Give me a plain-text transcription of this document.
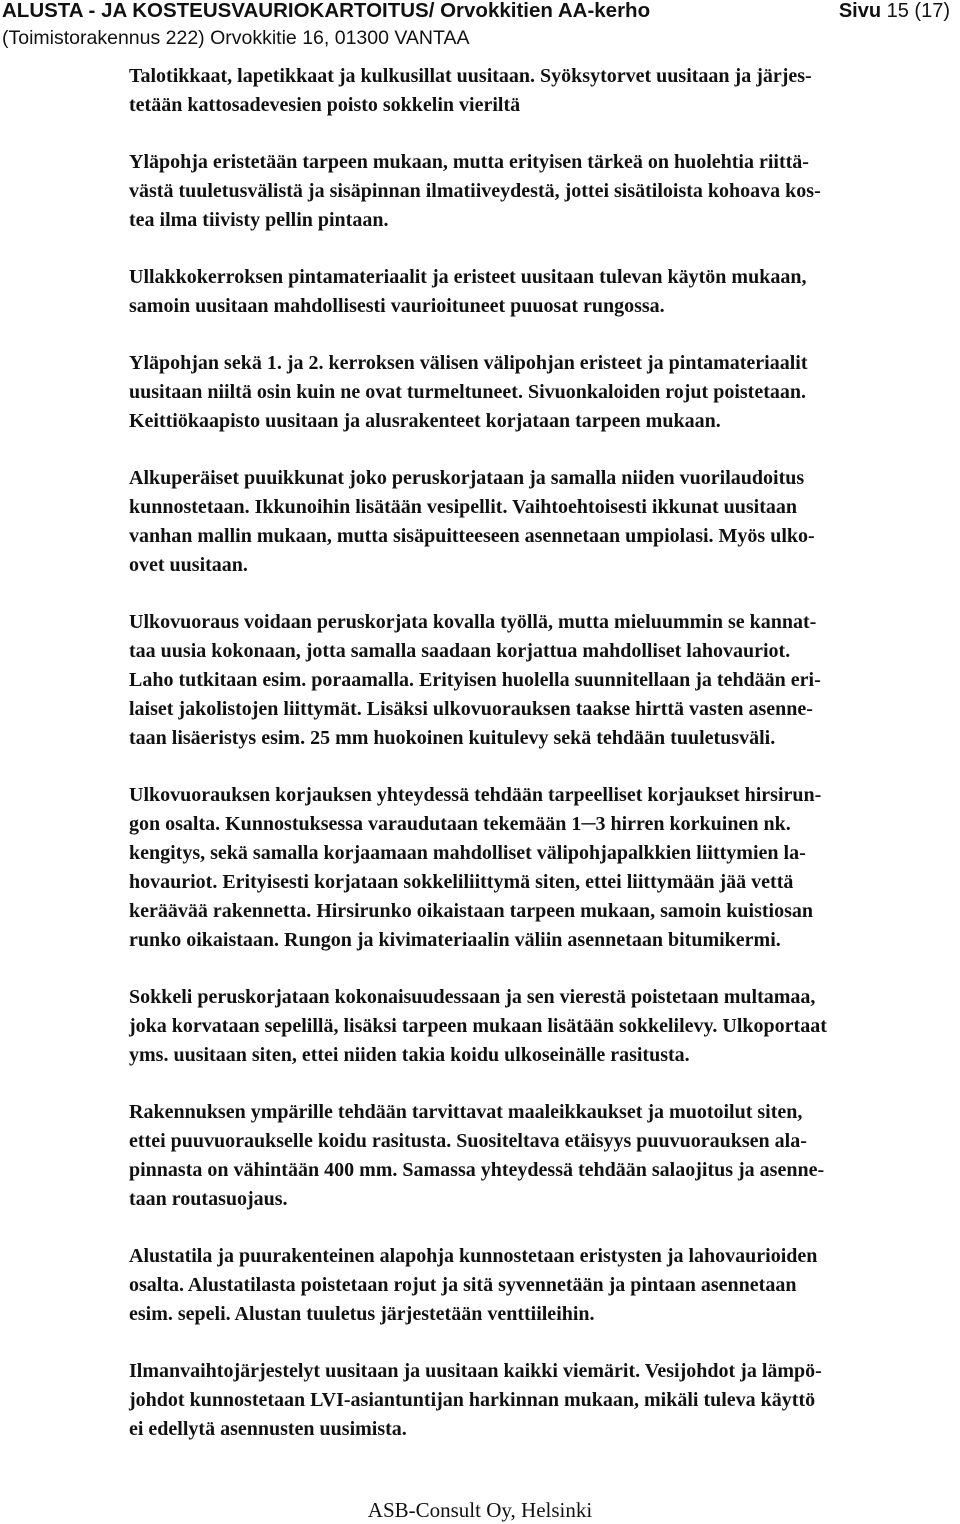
ALUSTA - JA KOSTEUSVAURIOKARTOITUS/ Orvokkitien AA-kerho	Sivu 15 (17)
(Toimistorakennus 222) Orvokkitie 16, 01300 VANTAA
Talotikkaat, lapetikkaat ja kulkusillat uusitaan. Syöksytorvet uusitaan ja järjes-
tetään kattosadevesien poisto sokkelin vieriltä
Yläpohja eristetään tarpeen mukaan, mutta erityisen tärkeä on huolehtia riittä-
västä tuuletusvälistä ja sisäpinnan ilmatiiveydestä, jottei sisätiloista kohoava kos-
tea ilma tiivisty pellin pintaan.
Ullakkokerroksen pintamateriaalit ja eristeet uusitaan tulevan käytön mukaan,
samoin uusitaan mahdollisesti vaurioituneet puuosat rungossa.
Yläpohjan sekä 1. ja 2. kerroksen välisen välipohjan eristeet ja pintamateriaalit
uusitaan niiltä osin kuin ne ovat turmeltuneet. Sivuonkaloiden rojut poistetaan.
Keittiökaapisto uusitaan ja alusrakenteet korjataan tarpeen mukaan.
Alkuperäiset puuikkunat joko peruskorjataan ja samalla niiden vuorilaudoitus
kunnostetaan. Ikkunoihin lisätään vesipellit. Vaihtoehtoisesti ikkunat uusitaan
vanhan mallin mukaan, mutta sisäpuitteeseen asennetaan umpiolasi. Myös ulko-
ovet uusitaan.
Ulkovuoraus voidaan peruskorjata kovalla työllä, mutta mieluummin se kannat-
taa uusia kokonaan, jotta samalla saadaan korjattua mahdolliset lahovauriot.
Laho tutkitaan esim. poraamalla. Erityisen huolella suunnitellaan ja tehdään eri-
laiset jakolistojen liittymät. Lisäksi ulkovuorauksen taakse hirttä vasten asenne-
taan lisäeristys esim. 25 mm huokoinen kuitulevy sekä tehdään tuuletusväli.
Ulkovuorauksen korjauksen yhteydessä tehdään tarpeelliset korjaukset hirsirun-
gon osalta. Kunnostuksessa varaudutaan tekemään 1─3 hirren korkuinen nk.
kengitys, sekä samalla korjaamaan mahdolliset välipohjapalkkien liittymien la-
hovauriot. Erityisesti korjataan sokkeliliittymä siten, ettei liittymään jää vettä
keräävää rakennetta. Hirsirunko oikaistaan tarpeen mukaan, samoin kuistiosan
runko oikaistaan. Rungon ja kivimateriaalin väliin asennetaan bitumikermi.
Sokkeli peruskorjataan kokonaisuudessaan ja sen vierestä poistetaan multamaa,
joka korvataan sepelillä, lisäksi tarpeen mukaan lisätään sokkelilevy. Ulkoportaat
yms. uusitaan siten, ettei niiden takia koidu ulkoseinälle rasitusta.
Rakennuksen ympärille tehdään tarvittavat maaleikkaukset ja muotoilut siten,
ettei puuvuoraukselle koidu rasitusta. Suositeltava etäisyys puuvuorauksen ala-
pinnasta on vähintään 400 mm. Samassa yhteydessä tehdään salaojitus ja asenne-
taan routasuojaus.
Alustatila ja puurakenteinen alapohja kunnostetaan eristysten ja lahovaurioiden
osalta. Alustatilasta poistetaan rojut ja sitä syvennetään ja pintaan asennetaan
esim. sepeli. Alustan tuuletus järjestetään venttiileihin.
Ilmanvaihtojärjestelyt uusitaan ja uusitaan kaikki viemärit. Vesijohdot ja lämpö-
johdot kunnostetaan LVI-asiantuntijan harkinnan mukaan, mikäli tuleva käyttö
ei edellytä asennusten uusimista.
ASB-Consult Oy, Helsinki
